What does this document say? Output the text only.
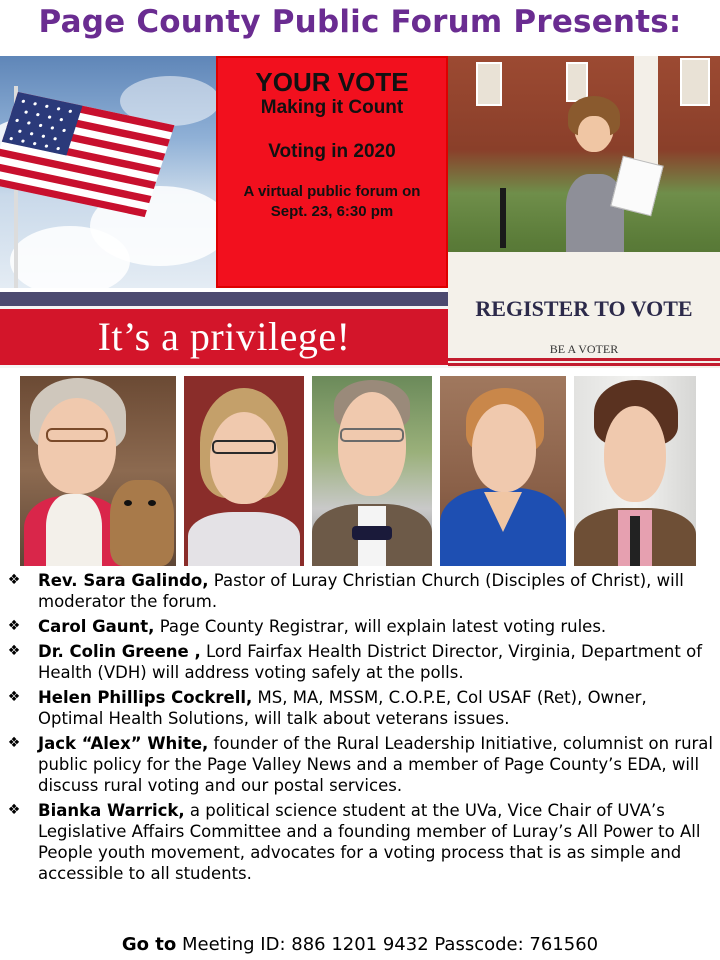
Page County Public Forum Presents:
YOUR VOTE
Making it Count
Voting in 2020
A virtual public forum on Sept. 23, 6:30 pm
REGISTER TO VOTE
BE A VOTER
It’s a privilege!
❖ Rev. Sara Galindo, Pastor of Luray Christian Church (Disciples of Christ), will moderator the forum.
❖ Carol Gaunt, Page County Registrar, will explain latest voting rules.
❖ Dr. Colin Greene , Lord Fairfax Health District Director, Virginia, Department of Health (VDH) will address voting safely at the polls.
❖ Helen Phillips Cockrell, MS, MA, MSSM, C.O.P.E, Col USAF (Ret), Owner, Optimal Health Solutions, will talk about veterans issues.
❖ Jack “Alex” White, founder of the Rural Leadership Initiative, columnist on rural public policy for the Page Valley News and a member of Page County’s EDA, will discuss rural voting and our postal services.
❖ Bianka Warrick, a political science student at the UVa, Vice Chair of UVA’s Legislative Affairs Committee and a founding member of Luray’s All Power to All People youth movement, advocates for a voting process that is as simple and accessible to all students.
Go to Meeting ID: 886 1201 9432 Passcode: 761560
